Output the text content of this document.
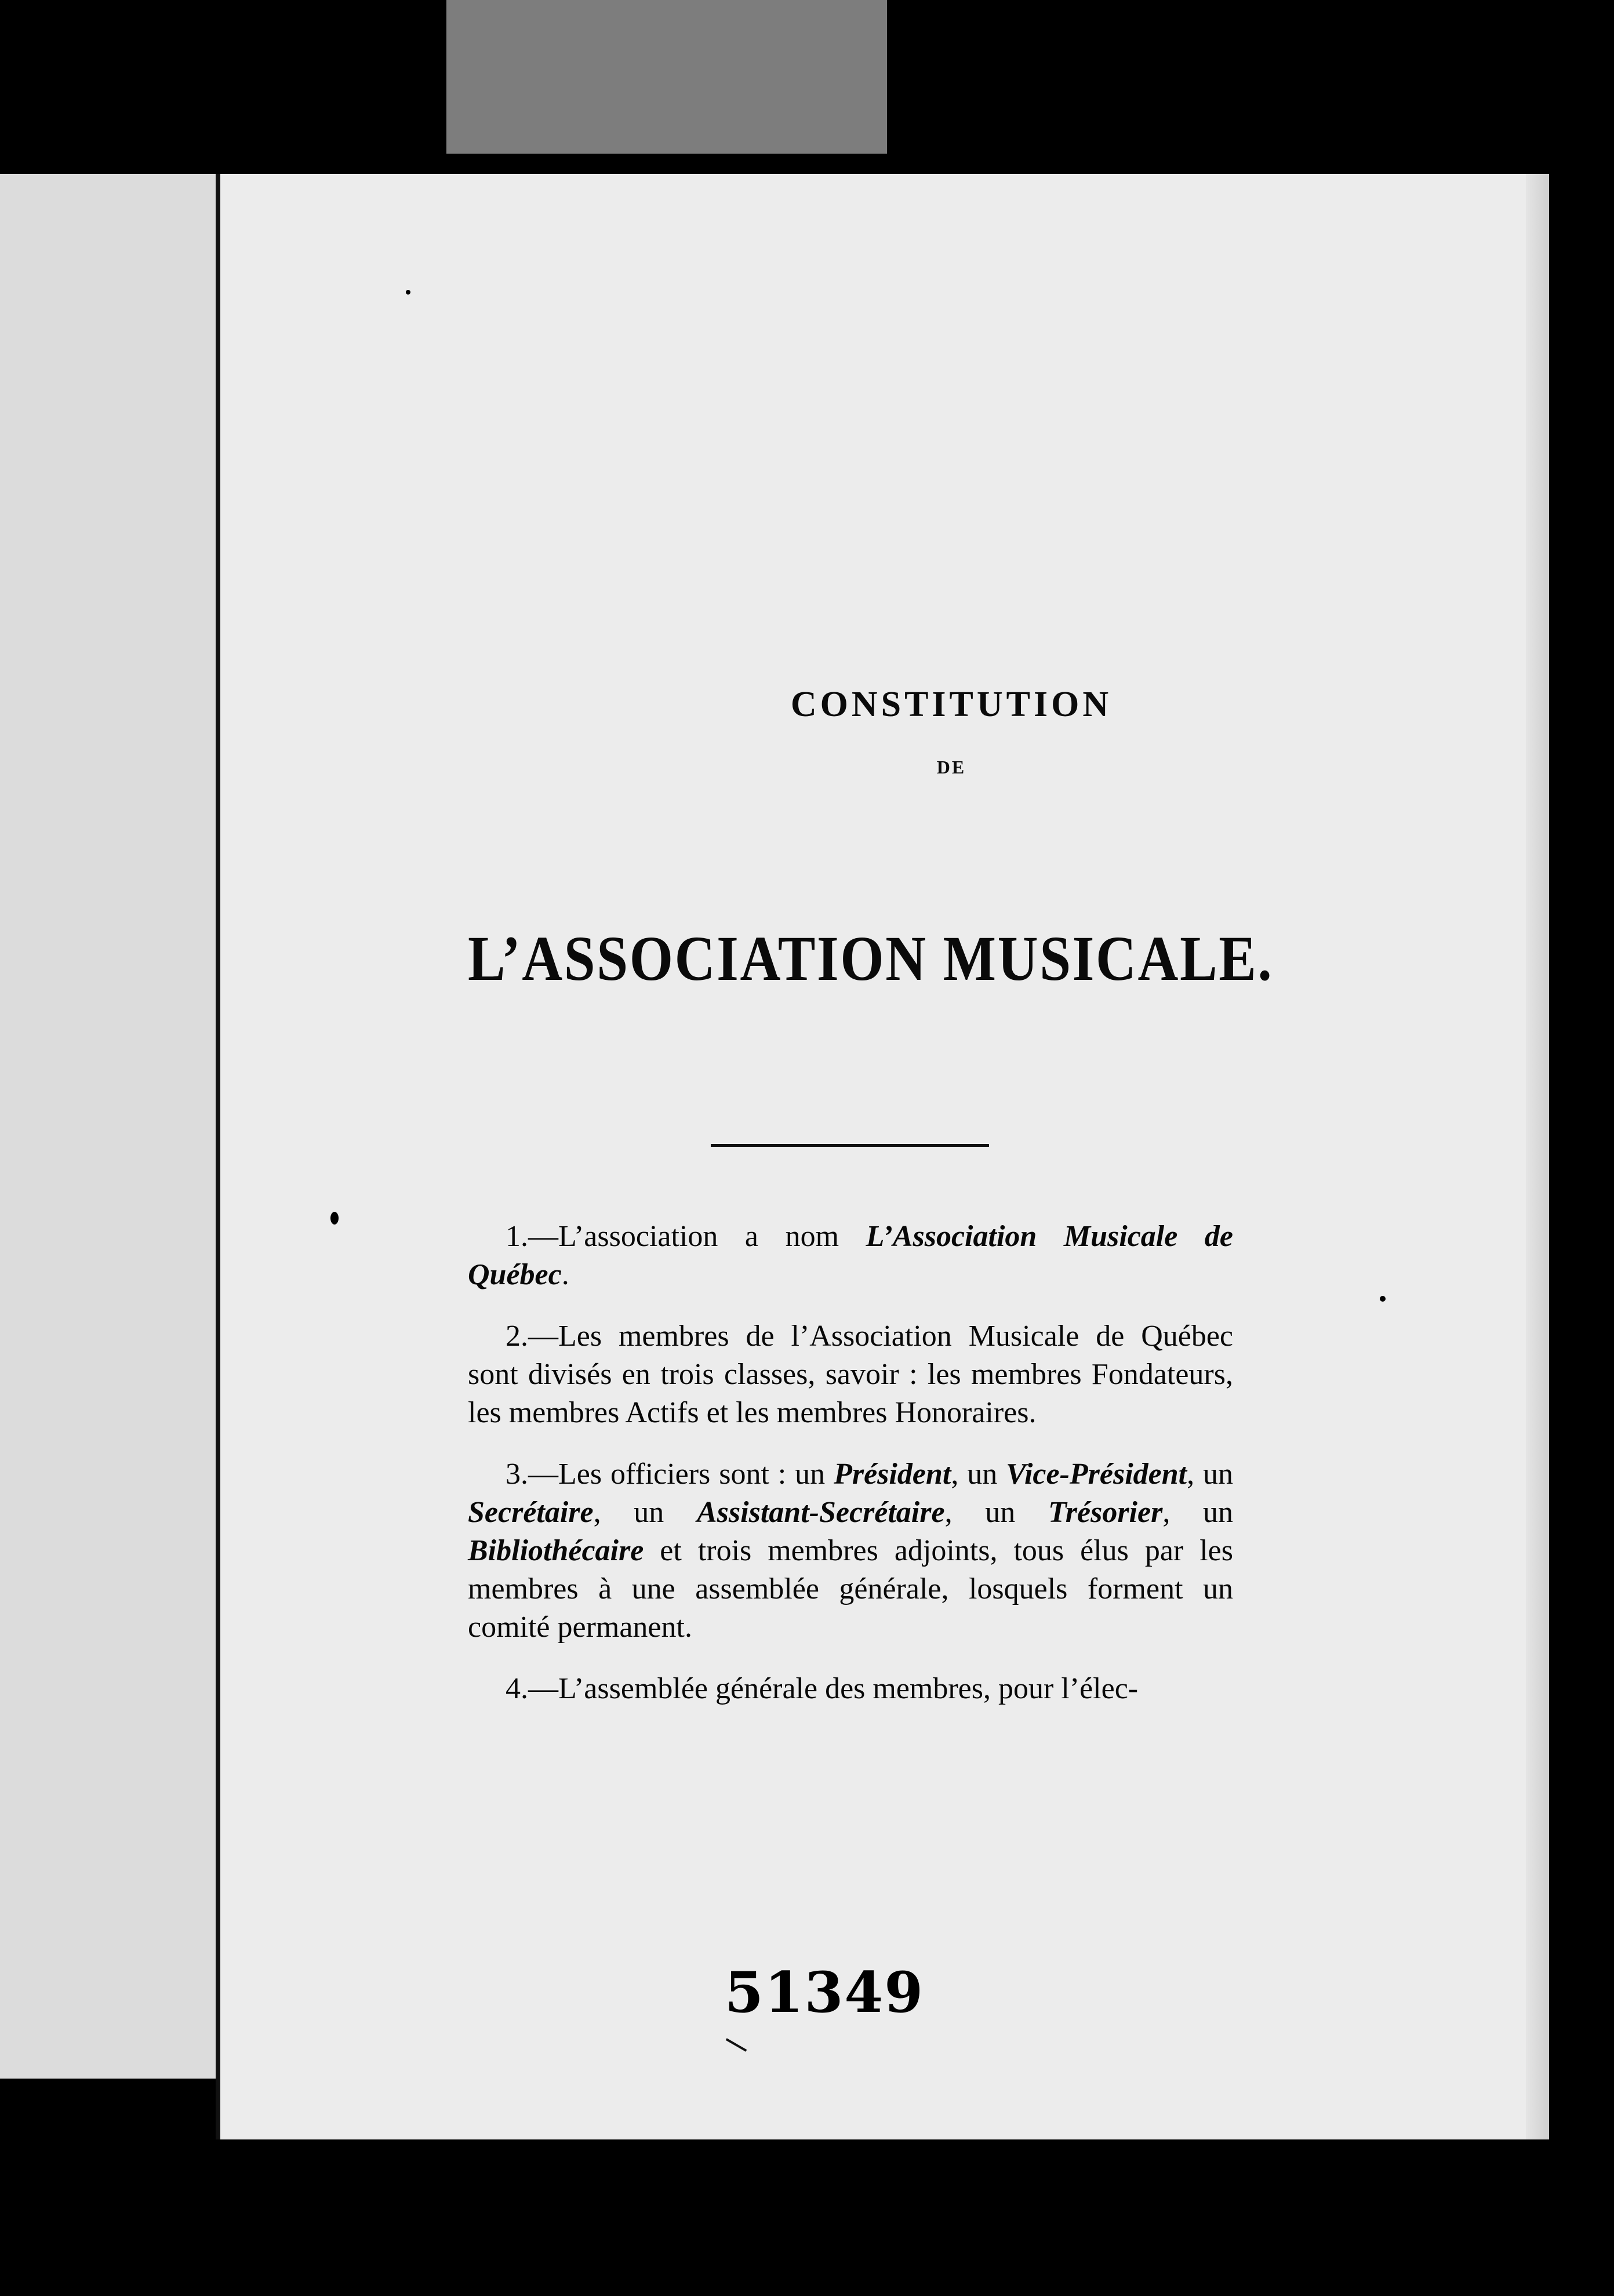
CONSTITUTION
DE
L’ASSOCIATION MUSICALE.

1.—L’association a nom L’Association Musicale de Québec.

2.—Les membres de l’Association Musicale de Québec sont divisés en trois classes, savoir : les membres Fondateurs, les membres Actifs et les membres Honoraires.

3.—Les officiers sont : un Président, un Vice-Président, un Secrétaire, un Assistant-Secrétaire, un Trésorier, un Bibliothécaire et trois membres adjoints, tous élus par les membres à une assemblée générale, losquels forment un comité permanent.

4.—L’assemblée générale des membres, pour l’élec-

51349
